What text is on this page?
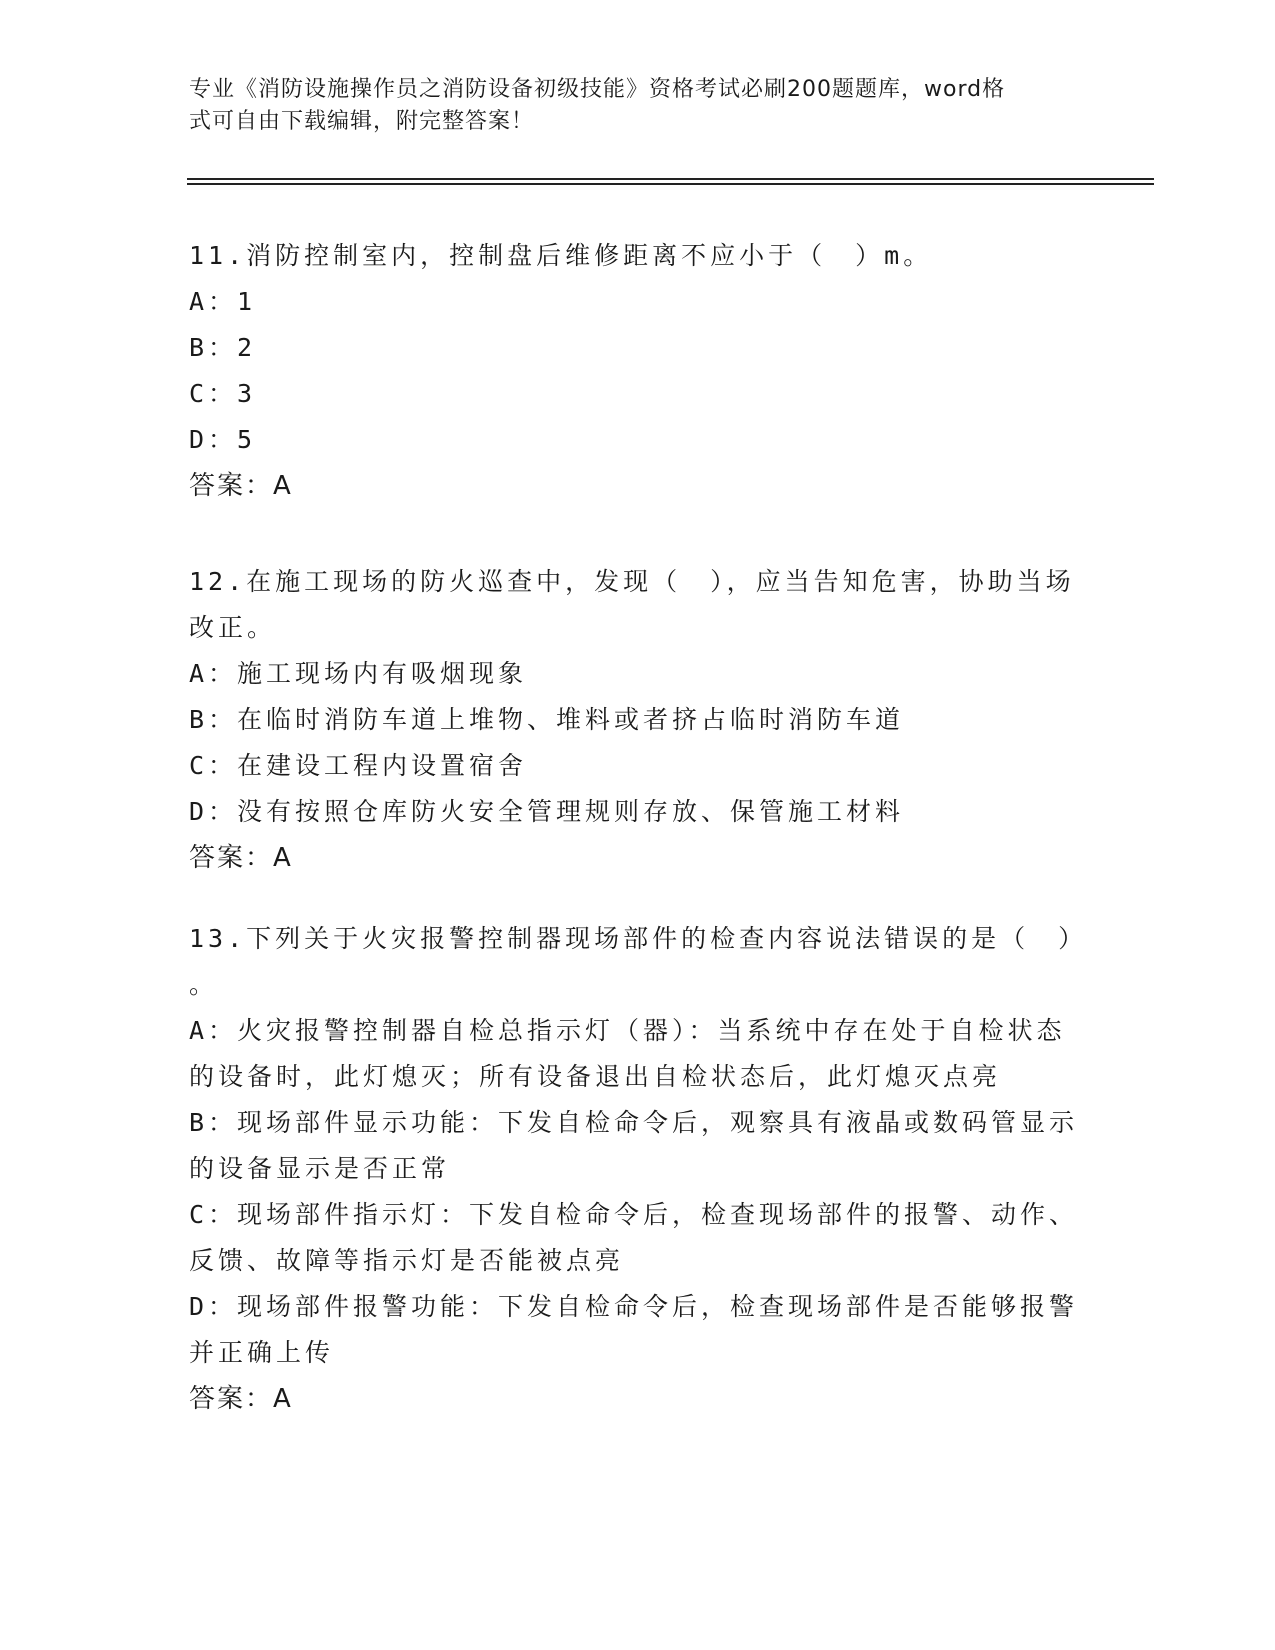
专业《消防设施操作员之消防设备初级技能》资格考试必刷200题题库，word格
式可自由下载编辑，附完整答案！
11.消防控制室内，控制盘后维修距离不应小于（　）m。
A：1
B：2
C：3
D：5
答案：A
12.在施工现场的防火巡查中，发现（　），应当告知危害，协助当场
改正。
A：施工现场内有吸烟现象
B：在临时消防车道上堆物、堆料或者挤占临时消防车道
C：在建设工程内设置宿舍
D：没有按照仓库防火安全管理规则存放、保管施工材料
答案：A
13.下列关于火灾报警控制器现场部件的检查内容说法错误的是（　）
。
A：火灾报警控制器自检总指示灯（器）：当系统中存在处于自检状态
的设备时，此灯熄灭；所有设备退出自检状态后，此灯熄灭点亮
B：现场部件显示功能：下发自检命令后，观察具有液晶或数码管显示
的设备显示是否正常
C：现场部件指示灯：下发自检命令后，检查现场部件的报警、动作、
反馈、故障等指示灯是否能被点亮
D：现场部件报警功能：下发自检命令后，检查现场部件是否能够报警
并正确上传
答案：A
